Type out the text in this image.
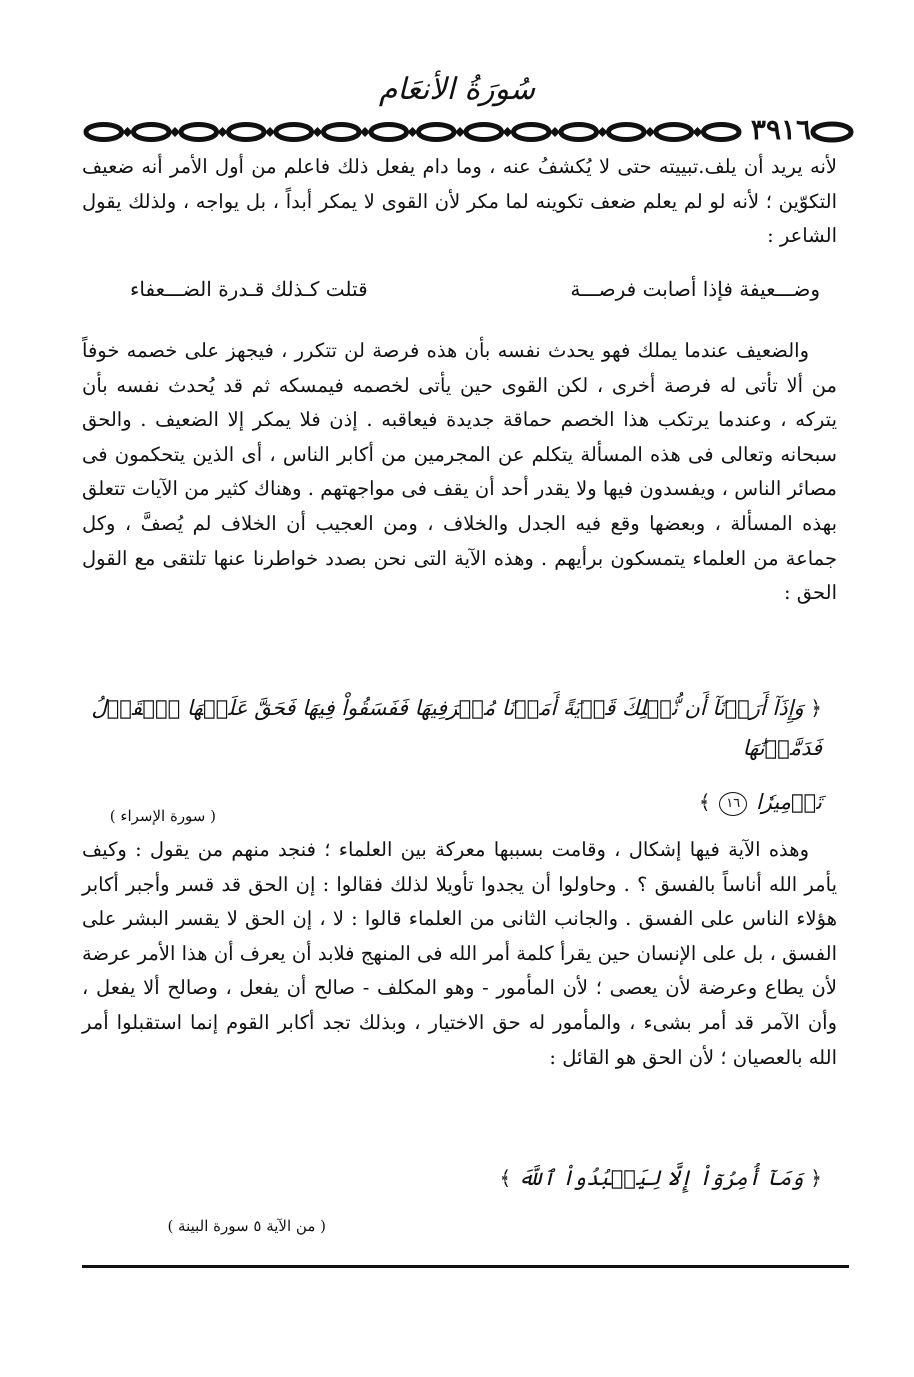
سُورَةُ الأنعَام
٣٩١٦
لأنه يريد أن يلف.تبييته حتى لا يُكشفُ عنه ، وما دام يفعل ذلك فاعلم من أول الأمر أنه ضعيف التكوّين ؛ لأنه لو لم يعلم ضعف تكوينه لما مكر لأن القوى لا يمكر أبداً ، بل يواجه ، ولذلك يقول الشاعر :
وضـــعيفة فإذا أصابت فرصـــة
قتلت كـذلك قـدرة الضـــعفاء
والضعيف عندما يملك فهو يحدث نفسه بأن هذه فرصة لن تتكرر ، فيجهز على خصمه خوفاً من ألا تأتى له فرصة أخرى ، لكن القوى حين يأتى لخصمه فيمسكه ثم قد يُحدث نفسه بأن يتركه ، وعندما يرتكب هذا الخصم حماقة جديدة فيعاقبه . إذن فلا يمكر إلا الضعيف . والحق سبحانه وتعالى فى هذه المسألة يتكلم عن المجرمين من أكابر الناس ، أى الذين يتحكمون فى مصائر الناس ، ويفسدون فيها ولا يقدر أحد أن يقف فى مواجهتهم . وهناك كثير من الآيات تتعلق بهذه المسألة ، وبعضها وقع فيه الجدل والخلاف ، ومن العجيب أن الخلاف لم يُصفَّ ، وكل جماعة من العلماء يتمسكون برأيهم . وهذه الآية التى نحن بصدد خواطرنا عنها تلتقى مع القول الحق :
﴿ وَإِذَآ أَرَدۡنَآ أَن نُّهۡلِكَ قَرۡيَةً أَمَرۡنَا مُتۡرَفِيهَا فَفَسَقُواْ فِيهَا فَحَقَّ عَلَيۡهَا ٱلۡقَوۡلُ فَدَمَّرۡنَٰهَا
تَدۡمِيرٗا ١٦ ﴾
( سورة الإسراء )
وهذه الآية فيها إشكال ، وقامت بسببها معركة بين العلماء ؛ فنجد منهم من يقول : وكيف يأمر الله أناساً بالفسق ؟ . وحاولوا أن يجدوا تأويلا لذلك فقالوا : إن الحق قد قسر وأجبر أكابر هؤلاء الناس على الفسق . والجانب الثانى من العلماء قالوا : لا ، إن الحق لا يقسر البشر على الفسق ، بل على الإنسان حين يقرأ كلمة أمر الله فى المنهج فلابد أن يعرف أن هذا الأمر عرضة لأن يطاع وعرضة لأن يعصى ؛ لأن المأمور - وهو المكلف - صالح أن يفعل ، وصالح ألا يفعل ، وأن الآمر قد أمر بشىء ، والمأمور له حق الاختيار ، وبذلك تجد أكابر القوم إنما استقبلوا أمر الله بالعصيان ؛ لأن الحق هو القائل :
﴿ وَمَآ أُمِرُوٓاْ إِلَّا لِيَعۡبُدُواْ ٱللَّهَ ﴾
( من الآية ٥ سورة البينة )
